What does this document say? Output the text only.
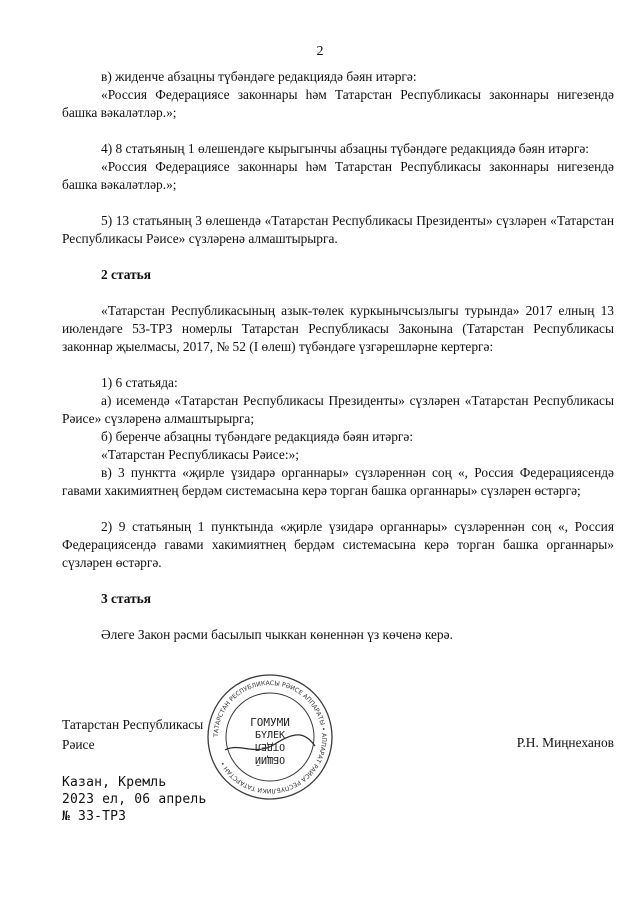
2

в) жиденче абзацны түбәндәге редакциядә бәян итәргә:

«Россия Федерациясе законнары һәм Татарстан Республикасы законнары нигезендә башка вәкаләтләр.»;

4) 8 статьяның 1 өлешендәге кырыгынчы абзацны түбәндәге редакциядә бәян итәргә:

«Россия Федерациясе законнары һәм Татарстан Республикасы законнары нигезендә башка вәкаләтләр.»;

5) 13 статьяның 3 өлешендә «Татарстан Республикасы Президенты» сүзләрен «Татарстан Республикасы Рәисе» сүзләренә алмаштырырга.

2 статья

«Татарстан Республикасының азык-төлек куркынычсызлыгы турында» 2017 елның 13 июлендәге 53-ТРЗ номерлы Татарстан Республикасы Законына (Татарстан Республикасы законнар җыелмасы, 2017, № 52 (I өлеш) түбәндәге үзгәрешләрне кертергә:

1) 6 статьяда:

а) исемендә «Татарстан Республикасы Президенты» сүзләрен «Татарстан Республикасы Рәисе» сүзләренә алмаштырырга;

б) беренче абзацны түбәндәге редакциядә бәян итәргә:

«Татарстан Республикасы Рәисе:»;

в) 3 пунктта «җирле үзидарә органнары» сүзләреннән соң «, Россия Федерациясендә гавами хакимиятнең бердәм системасына керә торган башка органнары» сүзләрен өстәргә;

2) 9 статьяның 1 пунктында «җирле үзидарә органнары» сүзләреннән соң «, Россия Федерациясендә гавами хакимиятнең бердәм системасына керә торган башка органнары» сүзләрен өстәргә.

3 статья

Әлеге Закон рәсми басылып чыккан көненнән үз көченә керә.

Татарстан Республикасы
Рәисе
ТАТАРСТАН РЕСПУБЛИКАСЫ РӘИСЕ АППАРАТЫ • АППАРАТ РАИСА РЕСПУБЛИКИ ТАТАРСТАН •
ГОМУМИ
БҮЛЕК
ОТДЕЛ
ОБЩИЙ
Р.Н. Миңнеханов
Казан, Кремль
2023 ел, 06 апрель
№ 33-ТРЗ
